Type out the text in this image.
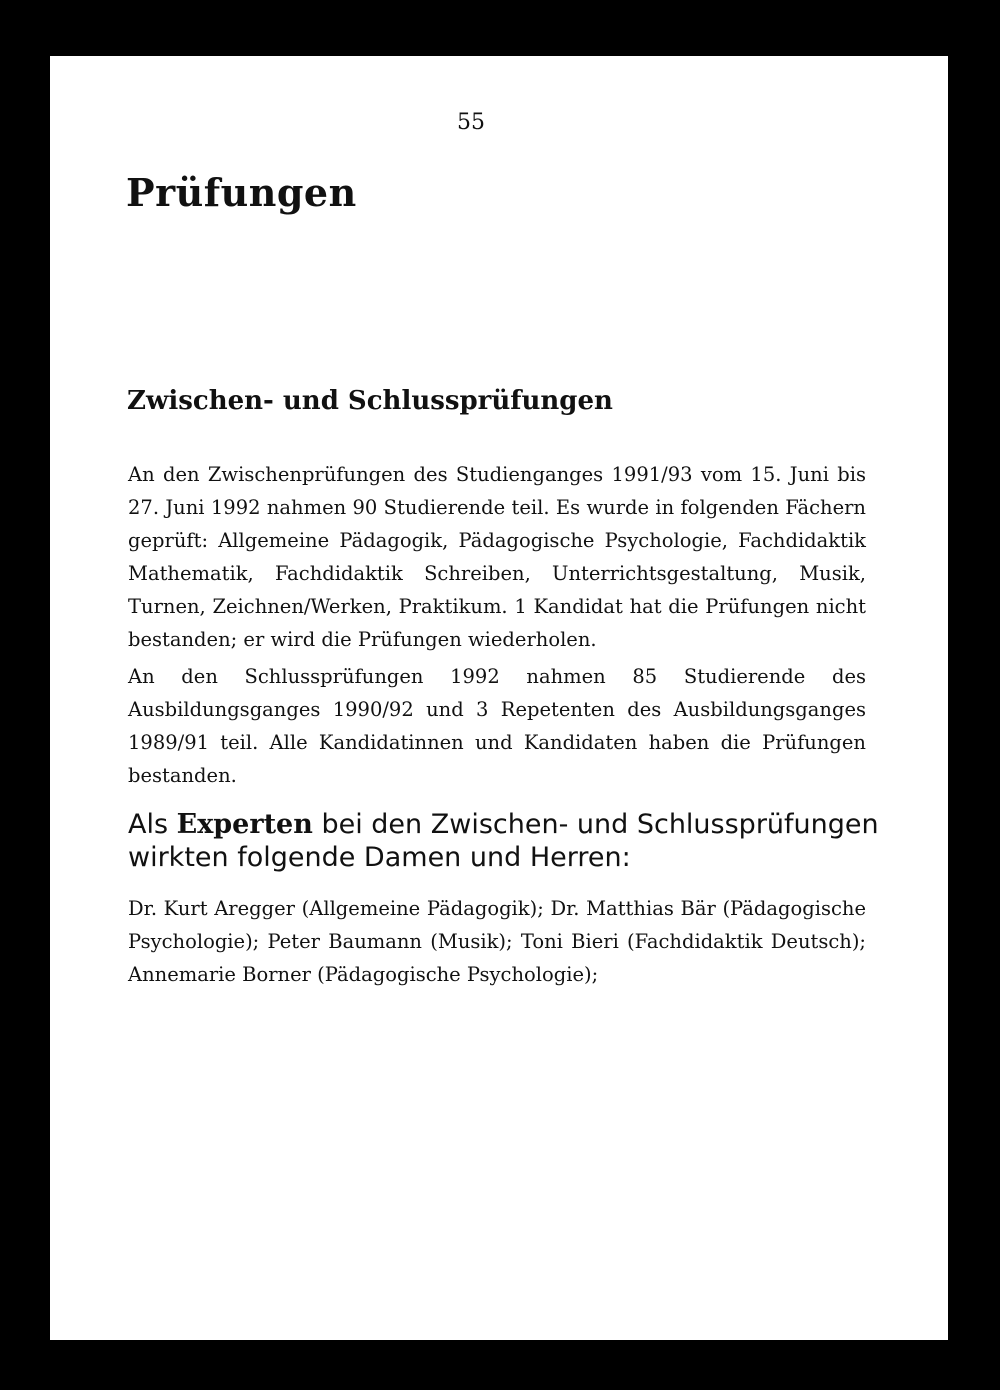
55
Prüfungen
Zwischen- und Schlussprüfungen

An den Zwischenprüfungen des Studienganges 1991/93 vom 15. Juni bis 27. Juni 1992 nahmen 90 Studierende teil. Es wurde in folgenden Fächern geprüft: Allgemeine Pädagogik, Pädagogische Psychologie, Fachdidaktik Mathematik, Fachdidaktik Schreiben, Unterrichtsgestaltung, Musik, Turnen, Zeichnen/Werken, Praktikum. 1 Kandidat hat die Prüfungen nicht bestanden; er wird die Prüfungen wiederholen.

An den Schlussprüfungen 1992 nahmen 85 Studierende des Ausbildungsganges 1990/92 und 3 Repetenten des Ausbildungsganges 1989/91 teil. Alle Kandidatinnen und Kandidaten haben die Prüfungen bestanden.

Als Experten bei den Zwischen- und Schlussprüfungen wirkten folgende Damen und Herren:

Dr. Kurt Aregger (Allgemeine Pädagogik); Dr. Matthias Bär (Pädagogische Psychologie); Peter Baumann (Musik); Toni Bieri (Fachdidaktik Deutsch); Annemarie Borner (Pädagogische Psychologie);
